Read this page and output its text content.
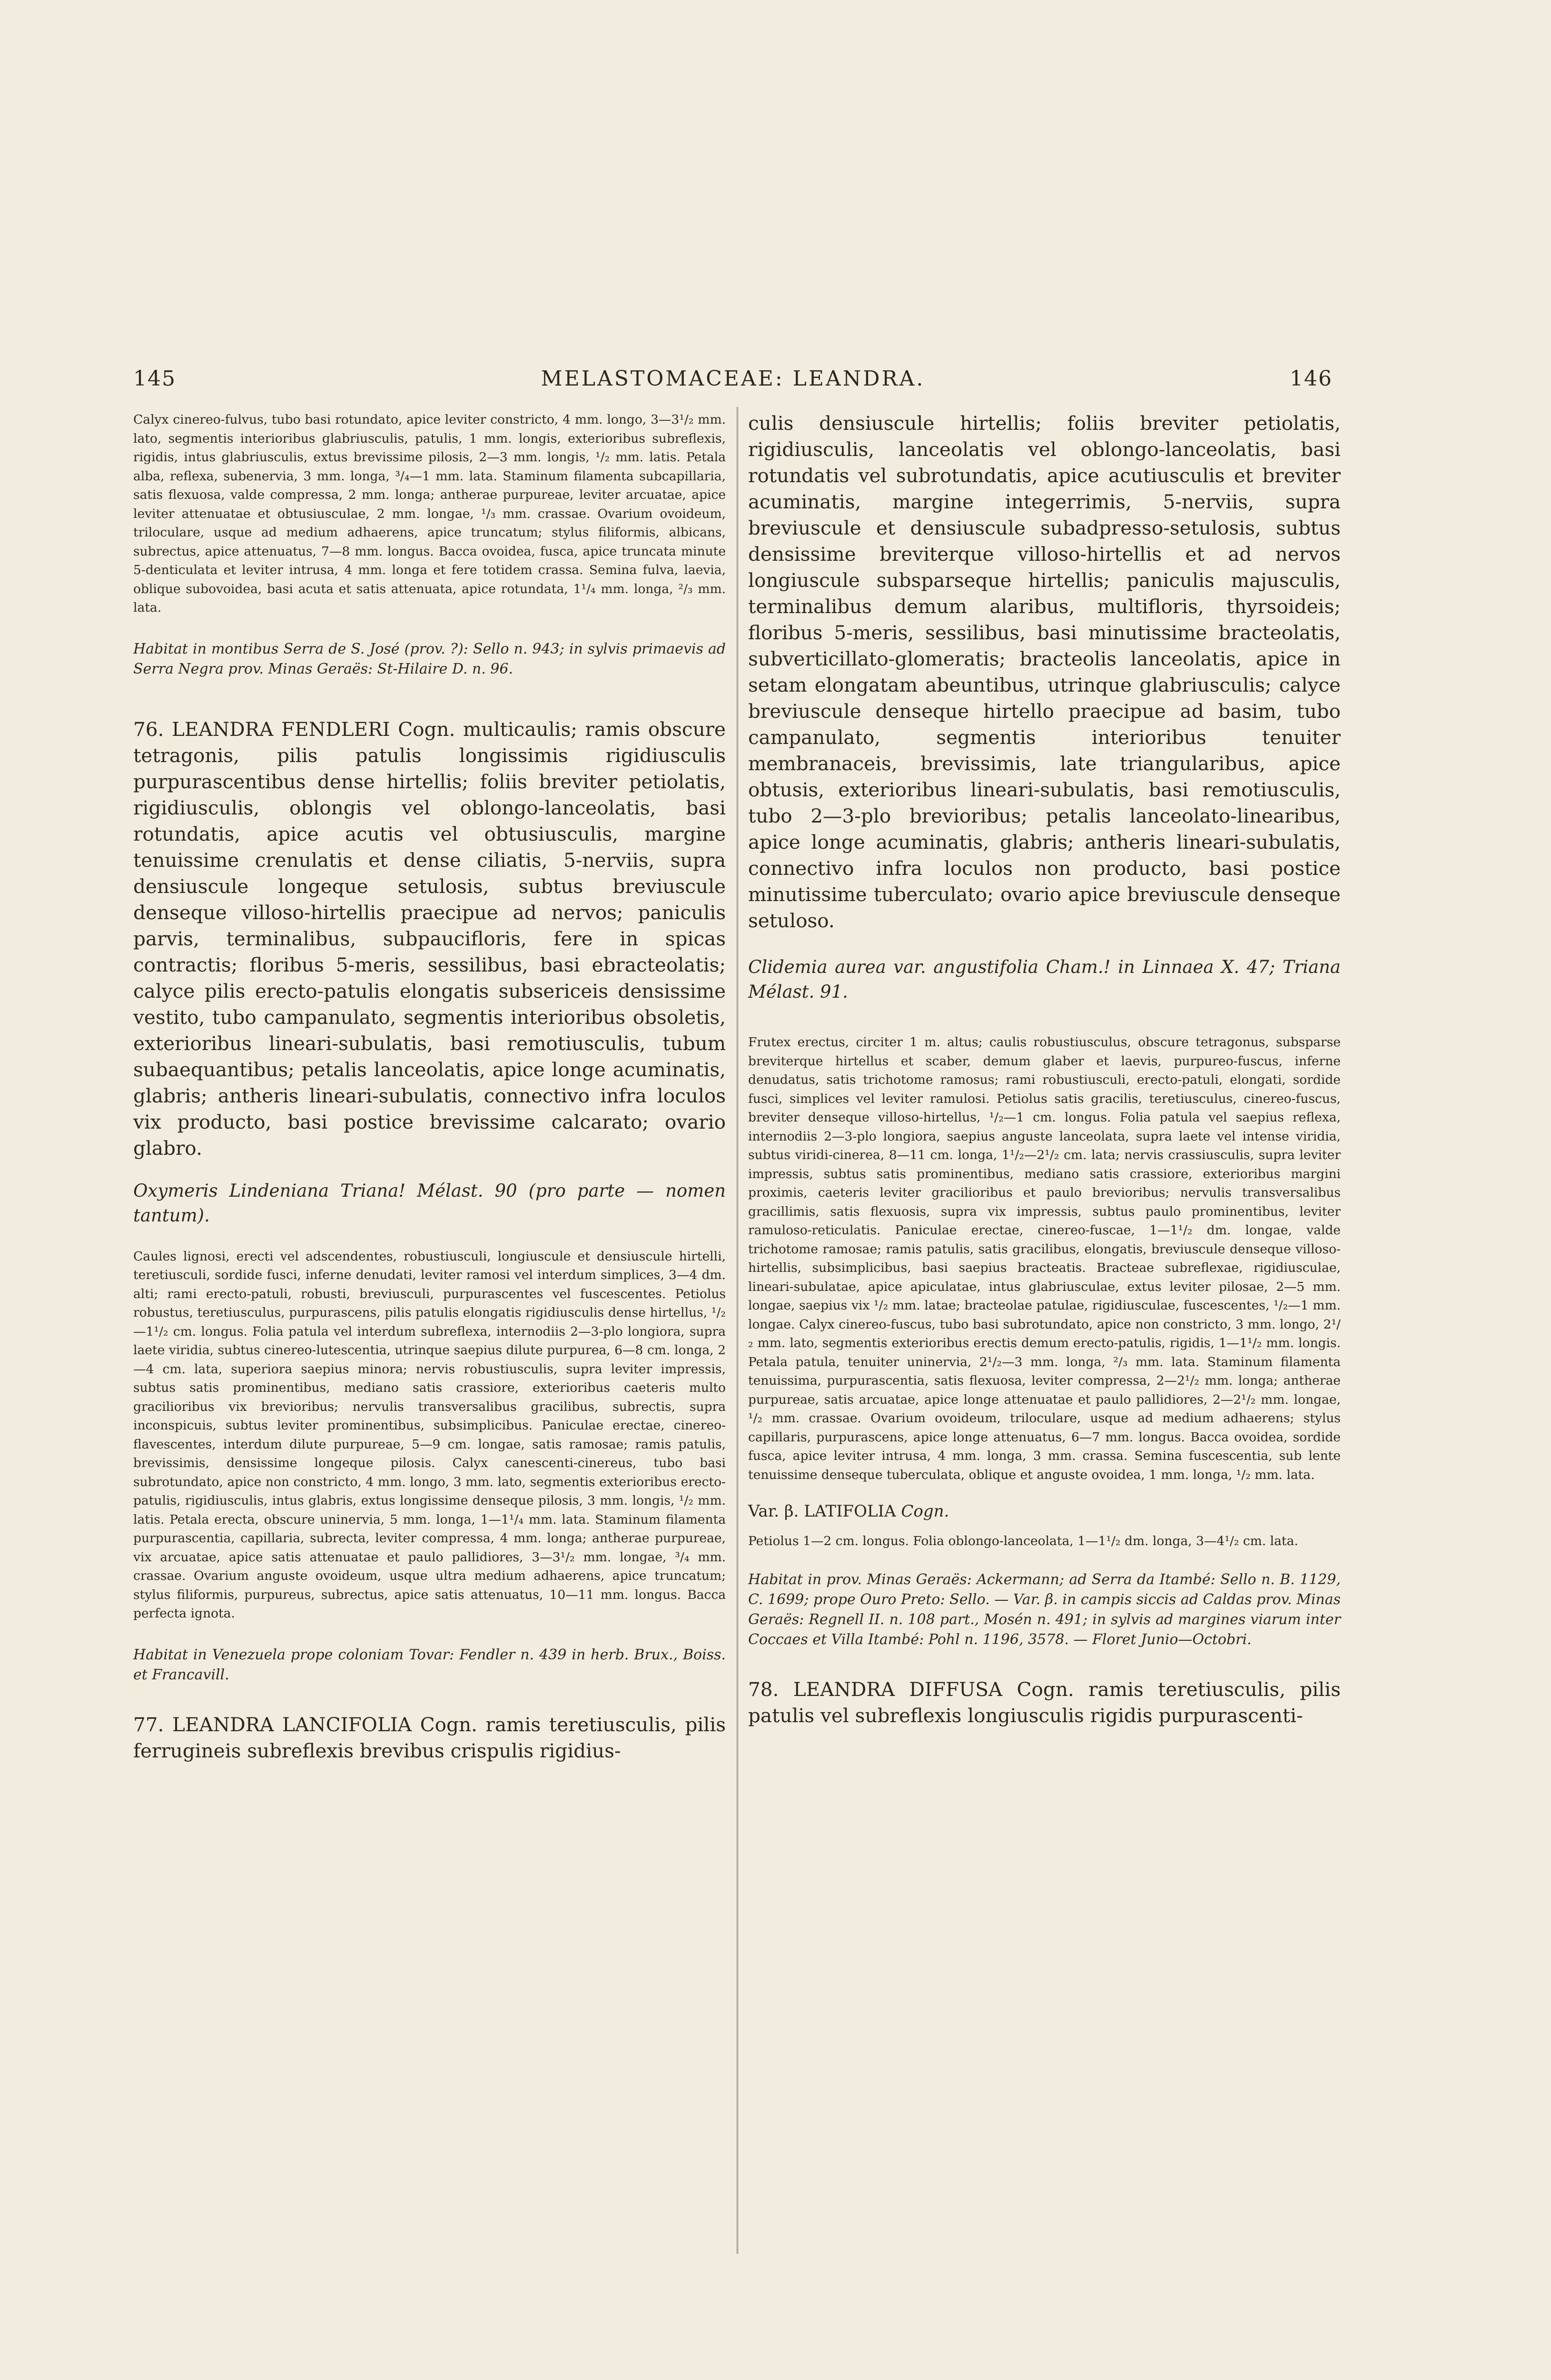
145	MELASTOMACEAE: LEANDRA.	146

Calyx cinereo-fulvus, tubo basi rotundato, apice leviter constricto, 4 mm. longo, 3—3¹/₂ mm. lato, segmentis interioribus glabriusculis, patulis, 1 mm. longis, exterioribus subreflexis, rigidis, intus glabriusculis, extus brevissime pilosis, 2—3 mm. longis, ¹/₂ mm. latis. Petala alba, reflexa, subenervia, 3 mm. longa, ³/₄—1 mm. lata. Staminum filamenta subcapillaria, satis flexuosa, valde compressa, 2 mm. longa; antherae purpureae, leviter arcuatae, apice leviter attenuatae et obtusiusculae, 2 mm. longae, ¹/₃ mm. crassae. Ovarium ovoideum, triloculare, usque ad medium adhaerens, apice truncatum; stylus filiformis, albicans, subrectus, apice attenuatus, 7—8 mm. longus. Bacca ovoidea, fusca, apice truncata minute 5-denticulata et leviter intrusa, 4 mm. longa et fere totidem crassa. Semina fulva, laevia, oblique subovoidea, basi acuta et satis attenuata, apice rotundata, 1¹/₄ mm. longa, ²/₃ mm. lata.

Habitat in montibus Serra de S. José (prov. ?): Sello n. 943; in sylvis primaevis ad Serra Negra prov. Minas Geraës: St-Hilaire D. n. 96.

76. LEANDRA FENDLERI Cogn. multicaulis; ramis obscure tetragonis, pilis patulis longissimis rigidiusculis purpurascentibus dense hirtellis; foliis breviter petiolatis, rigidiusculis, oblongis vel oblongo-lanceolatis, basi rotundatis, apice acutis vel obtusiusculis, margine tenuissime crenulatis et dense ciliatis, 5-nerviis, supra densiuscule longeque setulosis, subtus breviuscule denseque villoso-hirtellis praecipue ad nervos; paniculis parvis, terminalibus, subpaucifloris, fere in spicas contractis; floribus 5-meris, sessilibus, basi ebracteolatis; calyce pilis erecto-patulis elongatis subsericeis densissime vestito, tubo campanulato, segmentis interioribus obsoletis, exterioribus lineari-subulatis, basi remotiusculis, tubum subaequantibus; petalis lanceolatis, apice longe acuminatis, glabris; antheris lineari-subulatis, connectivo infra loculos vix producto, basi postice brevissime calcarato; ovario glabro.

Oxymeris Lindeniana Triana! Mélast. 90 (pro parte — nomen tantum).

Caules lignosi, erecti vel adscendentes, robustiusculi, longiuscule et densiuscule hirtelli, teretiusculi, sordide fusci, inferne denudati, leviter ramosi vel interdum simplices, 3—4 dm. alti; rami erecto-patuli, robusti, breviusculi, purpurascentes vel fuscescentes. Petiolus robustus, teretiusculus, purpurascens, pilis patulis elongatis rigidiusculis dense hirtellus, ¹/₂—1¹/₂ cm. longus. Folia patula vel interdum subreflexa, internodiis 2—3-plo longiora, supra laete viridia, subtus cinereo-lutescentia, utrinque saepius dilute purpurea, 6—8 cm. longa, 2—4 cm. lata, superiora saepius minora; nervis robustiusculis, supra leviter impressis, subtus satis prominentibus, mediano satis crassiore, exterioribus caeteris multo gracilioribus vix brevioribus; nervulis transversalibus gracilibus, subrectis, supra inconspicuis, subtus leviter prominentibus, subsimplicibus. Paniculae erectae, cinereo-flavescentes, interdum dilute purpureae, 5—9 cm. longae, satis ramosae; ramis patulis, brevissimis, densissime longeque pilosis. Calyx canescenti-cinereus, tubo basi subrotundato, apice non constricto, 4 mm. longo, 3 mm. lato, segmentis exterioribus erecto-patulis, rigidiusculis, intus glabris, extus longissime denseque pilosis, 3 mm. longis, ¹/₂ mm. latis. Petala erecta, obscure uninervia, 5 mm. longa, 1—1¹/₄ mm. lata. Staminum filamenta purpurascentia, capillaria, subrecta, leviter compressa, 4 mm. longa; antherae purpureae, vix arcuatae, apice satis attenuatae et paulo pallidiores, 3—3¹/₂ mm. longae, ³/₄ mm. crassae. Ovarium anguste ovoideum, usque ultra medium adhaerens, apice truncatum; stylus filiformis, purpureus, subrectus, apice satis attenuatus, 10—11 mm. longus. Bacca perfecta ignota.

Habitat in Venezuela prope coloniam Tovar: Fendler n. 439 in herb. Brux., Boiss. et Francavill.

77. LEANDRA LANCIFOLIA Cogn. ramis teretiusculis, pilis ferrugineis subreflexis brevibus crispulis rigidius-

culis densiuscule hirtellis; foliis breviter petiolatis, rigidiusculis, lanceolatis vel oblongo-lanceolatis, basi rotundatis vel subrotundatis, apice acutiusculis et breviter acuminatis, margine integerrimis, 5-nerviis, supra breviuscule et densiuscule subadpresso-setulosis, subtus densissime breviterque villoso-hirtellis et ad nervos longiuscule subsparseque hirtellis; paniculis majusculis, terminalibus demum alaribus, multifloris, thyrsoideis; floribus 5-meris, sessilibus, basi minutissime bracteolatis, subverticillato-glomeratis; bracteolis lanceolatis, apice in setam elongatam abeuntibus, utrinque glabriusculis; calyce breviuscule denseque hirtello praecipue ad basim, tubo campanulato, segmentis interioribus tenuiter membranaceis, brevissimis, late triangularibus, apice obtusis, exterioribus lineari-subulatis, basi remotiusculis, tubo 2—3-plo brevioribus; petalis lanceolato-linearibus, apice longe acuminatis, glabris; antheris lineari-subulatis, connectivo infra loculos non producto, basi postice minutissime tuberculato; ovario apice breviuscule denseque setuloso.

Clidemia aurea var. angustifolia Cham.! in Linnaea X. 47; Triana Mélast. 91.

Frutex erectus, circiter 1 m. altus; caulis robustiusculus, obscure tetragonus, subsparse breviterque hirtellus et scaber, demum glaber et laevis, purpureo-fuscus, inferne denudatus, satis trichotome ramosus; rami robustiusculi, erecto-patuli, elongati, sordide fusci, simplices vel leviter ramulosi. Petiolus satis gracilis, teretiusculus, cinereo-fuscus, breviter denseque villoso-hirtellus, ¹/₂—1 cm. longus. Folia patula vel saepius reflexa, internodiis 2—3-plo longiora, saepius anguste lanceolata, supra laete vel intense viridia, subtus viridi-cinerea, 8—11 cm. longa, 1¹/₂—2¹/₂ cm. lata; nervis crassiusculis, supra leviter impressis, subtus satis prominentibus, mediano satis crassiore, exterioribus margini proximis, caeteris leviter gracilioribus et paulo brevioribus; nervulis transversalibus gracillimis, satis flexuosis, supra vix impressis, subtus paulo prominentibus, leviter ramuloso-reticulatis. Paniculae erectae, cinereo-fuscae, 1—1¹/₂ dm. longae, valde trichotome ramosae; ramis patulis, satis gracilibus, elongatis, breviuscule denseque villoso-hirtellis, subsimplicibus, basi saepius bracteatis. Bracteae subreflexae, rigidiusculae, lineari-subulatae, apice apiculatae, intus glabriusculae, extus leviter pilosae, 2—5 mm. longae, saepius vix ¹/₂ mm. latae; bracteolae patulae, rigidiusculae, fuscescentes, ¹/₂—1 mm. longae. Calyx cinereo-fuscus, tubo basi subrotundato, apice non constricto, 3 mm. longo, 2¹/₂ mm. lato, segmentis exterioribus erectis demum erecto-patulis, rigidis, 1—1¹/₂ mm. longis. Petala patula, tenuiter uninervia, 2¹/₂—3 mm. longa, ²/₃ mm. lata. Staminum filamenta tenuissima, purpurascentia, satis flexuosa, leviter compressa, 2—2¹/₂ mm. longa; antherae purpureae, satis arcuatae, apice longe attenuatae et paulo pallidiores, 2—2¹/₂ mm. longae, ¹/₂ mm. crassae. Ovarium ovoideum, triloculare, usque ad medium adhaerens; stylus capillaris, purpurascens, apice longe attenuatus, 6—7 mm. longus. Bacca ovoidea, sordide fusca, apice leviter intrusa, 4 mm. longa, 3 mm. crassa. Semina fuscescentia, sub lente tenuissime denseque tuberculata, oblique et anguste ovoidea, 1 mm. longa, ¹/₂ mm. lata.

Var. β. LATIFOLIA Cogn.

Petiolus 1—2 cm. longus. Folia oblongo-lanceolata, 1—1¹/₂ dm. longa, 3—4¹/₂ cm. lata.

Habitat in prov. Minas Geraës: Ackermann; ad Serra da Itambé: Sello n. B. 1129, C. 1699; prope Ouro Preto: Sello. — Var. β. in campis siccis ad Caldas prov. Minas Geraës: Regnell II. n. 108 part., Mosén n. 491; in sylvis ad margines viarum inter Coccaes et Villa Itambé: Pohl n. 1196, 3578. — Floret Junio—Octobri.

78. LEANDRA DIFFUSA Cogn. ramis teretiusculis, pilis patulis vel subreflexis longiusculis rigidis purpurascenti-
